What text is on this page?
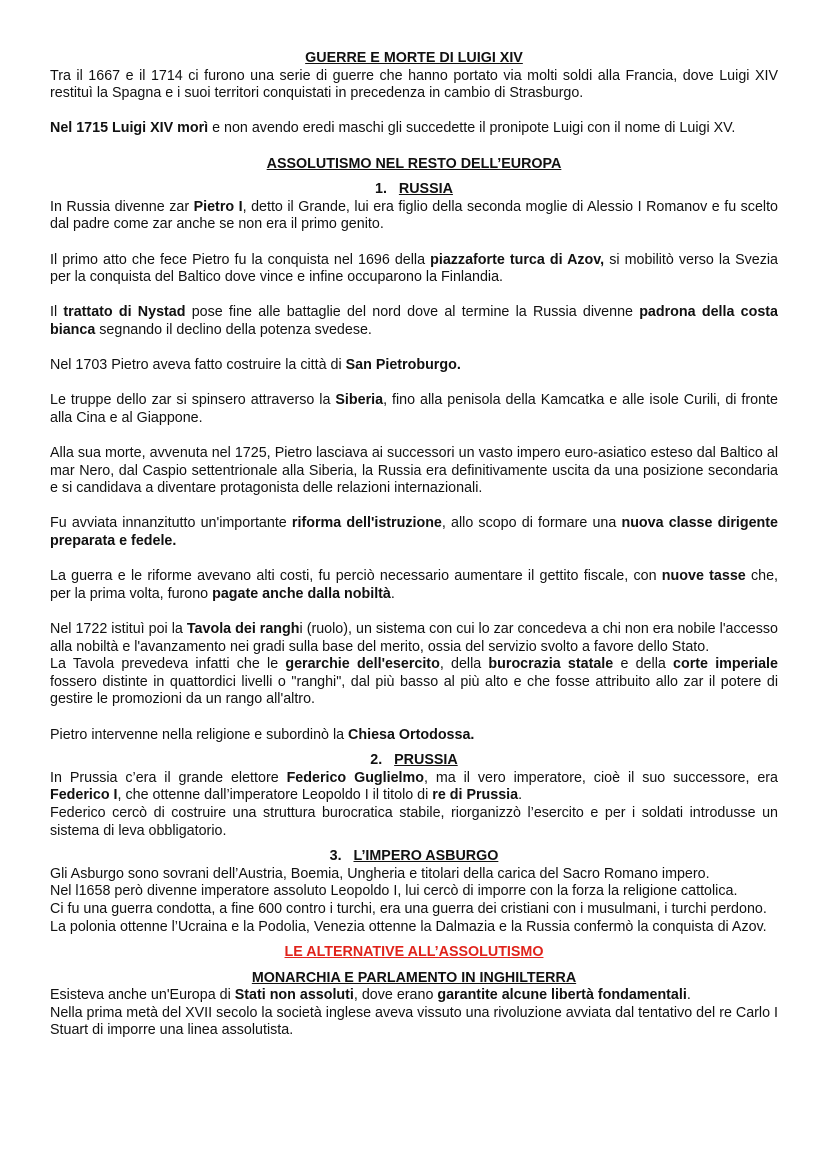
GUERRE E MORTE DI LUIGI XIV

Tra il 1667 e il 1714 ci furono una serie di guerre che hanno portato via molti soldi alla Francia, dove Luigi XIV restituì la Spagna e i suoi territori conquistati in precedenza in cambio di Strasburgo.

Nel 1715 Luigi XIV morì e non avendo eredi maschi gli succedette il pronipote Luigi con il nome di Luigi XV.

ASSOLUTISMO NEL RESTO DELL’EUROPA

1. RUSSIA

In Russia divenne zar Pietro I, detto il Grande, lui era figlio della seconda moglie di Alessio I Romanov e fu scelto dal padre come zar anche se non era il primo genito.

Il primo atto che fece Pietro fu la conquista nel 1696 della piazzaforte turca di Azov, si mobilitò verso la Svezia per la conquista del Baltico dove vince e infine occuparono la Finlandia.

Il trattato di Nystad pose fine alle battaglie del nord dove al termine la Russia divenne padrona della costa bianca segnando il declino della potenza svedese.

Nel 1703 Pietro aveva fatto costruire la città di San Pietroburgo.

Le truppe dello zar si spinsero attraverso la Siberia, fino alla penisola della Kamcatka e alle isole Curili, di fronte alla Cina e al Giappone.

Alla sua morte, avvenuta nel 1725, Pietro lasciava ai successori un vasto impero euro-asiatico esteso dal Baltico al mar Nero, dal Caspio settentrionale alla Siberia, la Russia era definitivamente uscita da una posizione secondaria e si candidava a diventare protagonista delle relazioni internazionali.

Fu avviata innanzitutto un'importante riforma dell'istruzione, allo scopo di formare una nuova classe dirigente preparata e fedele.

La guerra e le riforme avevano alti costi, fu perciò necessario aumentare il gettito fiscale, con nuove tasse che, per la prima volta, furono pagate anche dalla nobiltà.

Nel 1722 istituì poi la Tavola dei ranghi (ruolo), un sistema con cui lo zar concedeva a chi non era nobile l'accesso alla nobiltà e l'avanzamento nei gradi sulla base del merito, ossia del servizio svolto a favore dello Stato.

La Tavola prevedeva infatti che le gerarchie dell'esercito, della burocrazia statale e della corte imperiale fossero distinte in quattordici livelli o "ranghi", dal più basso al più alto e che fosse attribuito allo zar il potere di gestire le promozioni da un rango all'altro.

Pietro intervenne nella religione e subordinò la Chiesa Ortodossa.

2. PRUSSIA

In Prussia c’era il grande elettore Federico Guglielmo, ma il vero imperatore, cioè il suo successore, era Federico I, che ottenne dall’imperatore Leopoldo I il titolo di re di Prussia.

Federico cercò di costruire una struttura burocratica stabile, riorganizzò l’esercito e per i soldati introdusse un sistema di leva obbligatorio.

3. L’IMPERO ASBURGO

Gli Asburgo sono sovrani dell’Austria, Boemia, Ungheria e titolari della carica del Sacro Romano impero.

Nel l1658 però divenne imperatore assoluto Leopoldo I, lui cercò di imporre con la forza la religione cattolica.

Ci fu una guerra condotta, a fine 600 contro i turchi, era una guerra dei cristiani con i musulmani, i turchi perdono.

La polonia ottenne l’Ucraina e la Podolia, Venezia ottenne la Dalmazia e la Russia confermò la conquista di Azov.

LE ALTERNATIVE ALL’ASSOLUTISMO

MONARCHIA E PARLAMENTO IN INGHILTERRA

Esisteva anche un'Europa di Stati non assoluti, dove erano garantite alcune libertà fondamentali.

Nella prima metà del XVII secolo la società inglese aveva vissuto una rivoluzione avviata dal tentativo del re Carlo I Stuart di imporre una linea assolutista.
